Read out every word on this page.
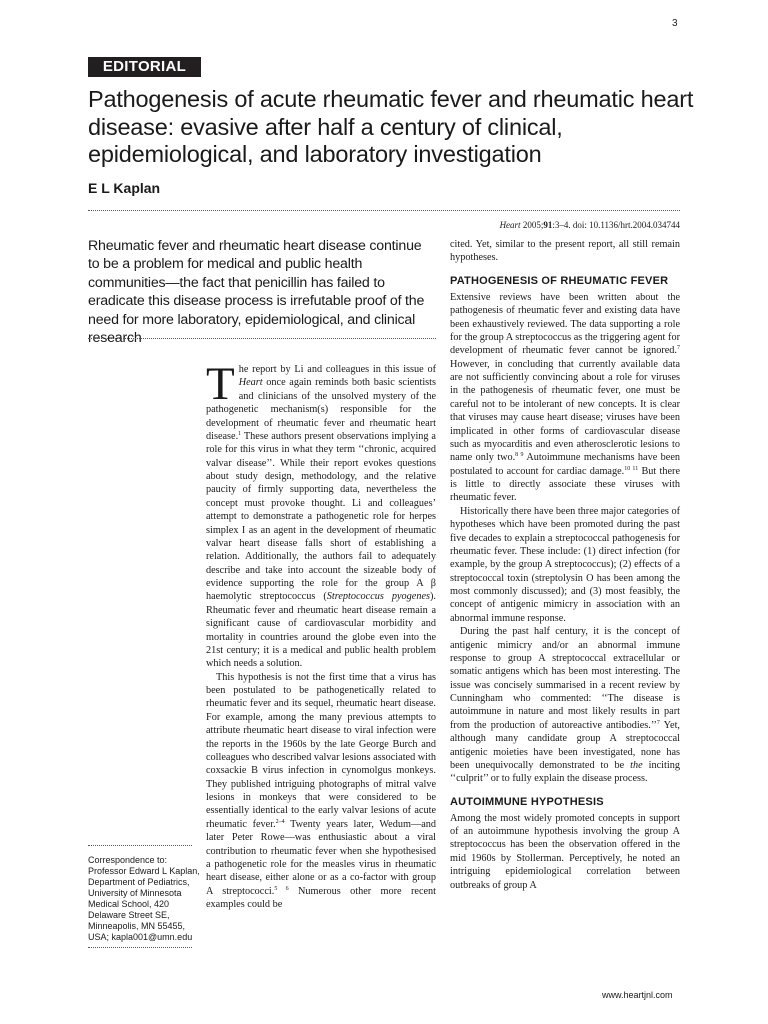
3
EDITORIAL
Pathogenesis of acute rheumatic fever and rheumatic heart disease: evasive after half a century of clinical, epidemiological, and laboratory investigation
E L Kaplan
Heart 2005;91:3–4. doi: 10.1136/hrt.2004.034744
Rheumatic fever and rheumatic heart disease continue to be a problem for medical and public health communities—the fact that penicillin has failed to eradicate this disease process is irrefutable proof of the need for more laboratory, epidemiological, and clinical research

The report by Li and colleagues in this issue of Heart once again reminds both basic scientists and clinicians of the unsolved mystery of the pathogenetic mechanism(s) responsible for the development of rheumatic fever and rheumatic heart disease.$^1$ These authors present observations implying a role for this virus in what they term ‘‘chronic, acquired valvar disease’’. While their report evokes questions about study design, methodology, and the relative paucity of firmly supporting data, nevertheless the concept must provoke thought. Li and colleagues’ attempt to demonstrate a pathogenetic role for herpes simplex I as an agent in the development of rheumatic valvar heart disease falls short of establishing a relation. Additionally, the authors fail to adequately describe and take into account the sizeable body of evidence supporting the role for the group A β haemolytic streptococcus (Streptococcus pyogenes). Rheumatic fever and rheumatic heart disease remain a significant cause of cardiovascular morbidity and mortality in countries around the globe even into the 21st century; it is a medical and public health problem which needs a solution.

This hypothesis is not the first time that a virus has been postulated to be pathogenetically related to rheumatic fever and its sequel, rheumatic heart disease. For example, among the many previous attempts to attribute rheumatic heart disease to viral infection were the reports in the 1960s by the late George Burch and colleagues who described valvar lesions associated with coxsackie B virus infection in cynomolgus monkeys. They published intriguing photographs of mitral valve lesions in monkeys that were considered to be essentially identical to the early valvar lesions of acute rheumatic fever.$^{2-4}$ Twenty years later, Wedum—and later Peter Rowe—was enthusiastic about a viral contribution to rheumatic fever when she hypothesised a pathogenetic role for the measles virus in rheumatic heart disease, either alone or as a co-factor with group A streptococci.$^{5 6}$ Numerous other more recent examples could be

cited. Yet, similar to the present report, all still remain hypotheses.

PATHOGENESIS OF RHEUMATIC FEVER

Extensive reviews have been written about the pathogenesis of rheumatic fever and existing data have been exhaustively reviewed. The data supporting a role for the group A streptococcus as the triggering agent for development of rheumatic fever cannot be ignored.$^7$ However, in concluding that currently available data are not sufficiently convincing about a role for viruses in the pathogenesis of rheumatic fever, one must be careful not to be intolerant of new concepts. It is clear that viruses may cause heart disease; viruses have been implicated in other forms of cardiovascular disease such as myocarditis and even atherosclerotic lesions to name only two.$^{8 9}$ Autoimmune mechanisms have been postulated to account for cardiac damage.$^{10 11}$ But there is little to directly associate these viruses with rheumatic fever.

Historically there have been three major categories of hypotheses which have been promoted during the past five decades to explain a streptococcal pathogenesis for rheumatic fever. These include: (1) direct infection (for example, by the group A streptococcus); (2) effects of a streptococcal toxin (streptolysin O has been among the most commonly discussed); and (3) most feasibly, the concept of antigenic mimicry in association with an abnormal immune response.

During the past half century, it is the concept of antigenic mimicry and/or an abnormal immune response to group A streptococcal extracellular or somatic antigens which has been most interesting. The issue was concisely summarised in a recent review by Cunningham who commented: ‘‘The disease is autoimmune in nature and most likely results in part from the production of autoreactive antibodies.’’$^7$ Yet, although many candidate group A streptococcal antigenic moieties have been investigated, none has been unequivocally demonstrated to be the inciting ‘‘culprit’’ or to fully explain the disease process.

AUTOIMMUNE HYPOTHESIS

Among the most widely promoted concepts in support of an autoimmune hypothesis involving the group A streptococcus has been the observation offered in the mid 1960s by Stollerman. Perceptively, he noted an intriguing epidemiological correlation between outbreaks of group A

Correspondence to:
Professor Edward L Kaplan,
Department of Pediatrics,
University of Minnesota
Medical School, 420
Delaware Street SE,
Minneapolis, MN 55455,
USA; kapla001@umn.edu
www.heartjnl.com
